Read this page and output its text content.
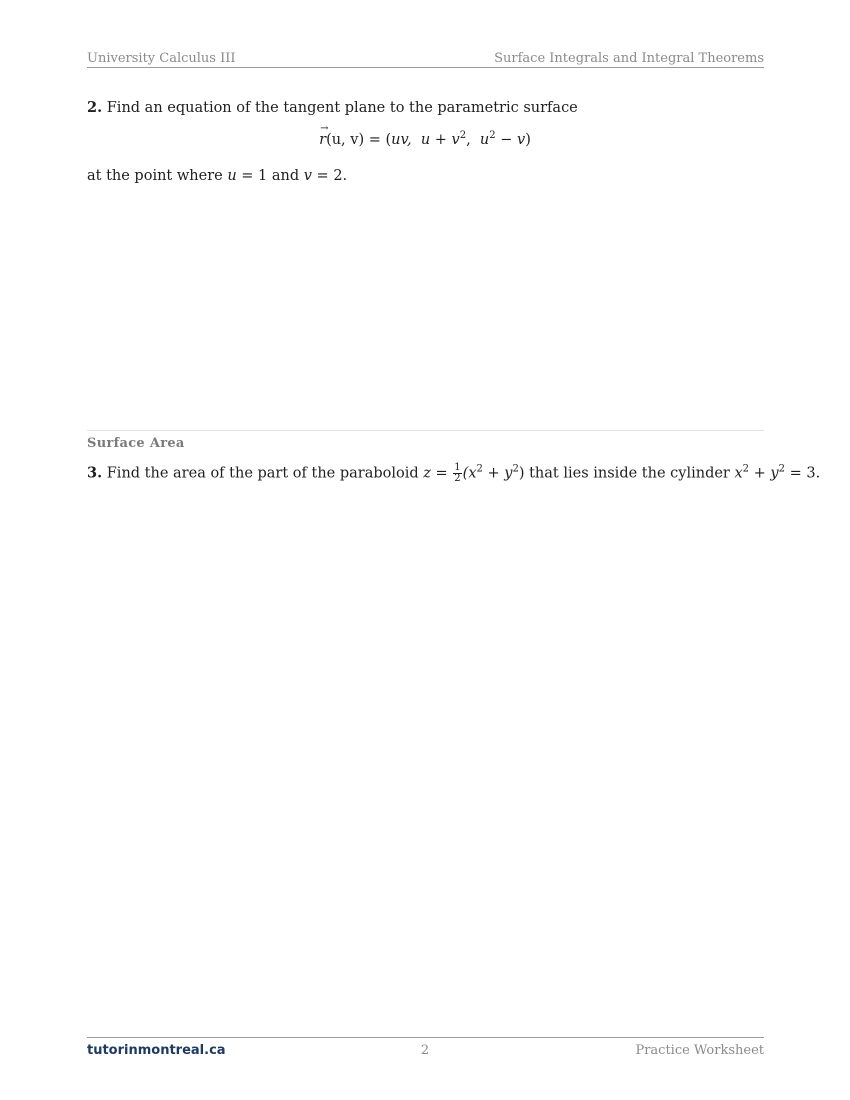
University Calculus III	Surface Integrals and Integral Theorems
2. Find an equation of the tangent plane to the parametric surface
→
r(u, v) = (uv, $u + v^2$, $u^2 - v$)
at the point where u = 1 and v = 2.
Surface Area
3. Find the area of the part of the paraboloid $z = \frac{1}{2} (x^2 + y^2)$ that lies inside the cylinder $x^2 + y^2 = 3$.
tutorinmontreal.ca	2	Practice Worksheet
